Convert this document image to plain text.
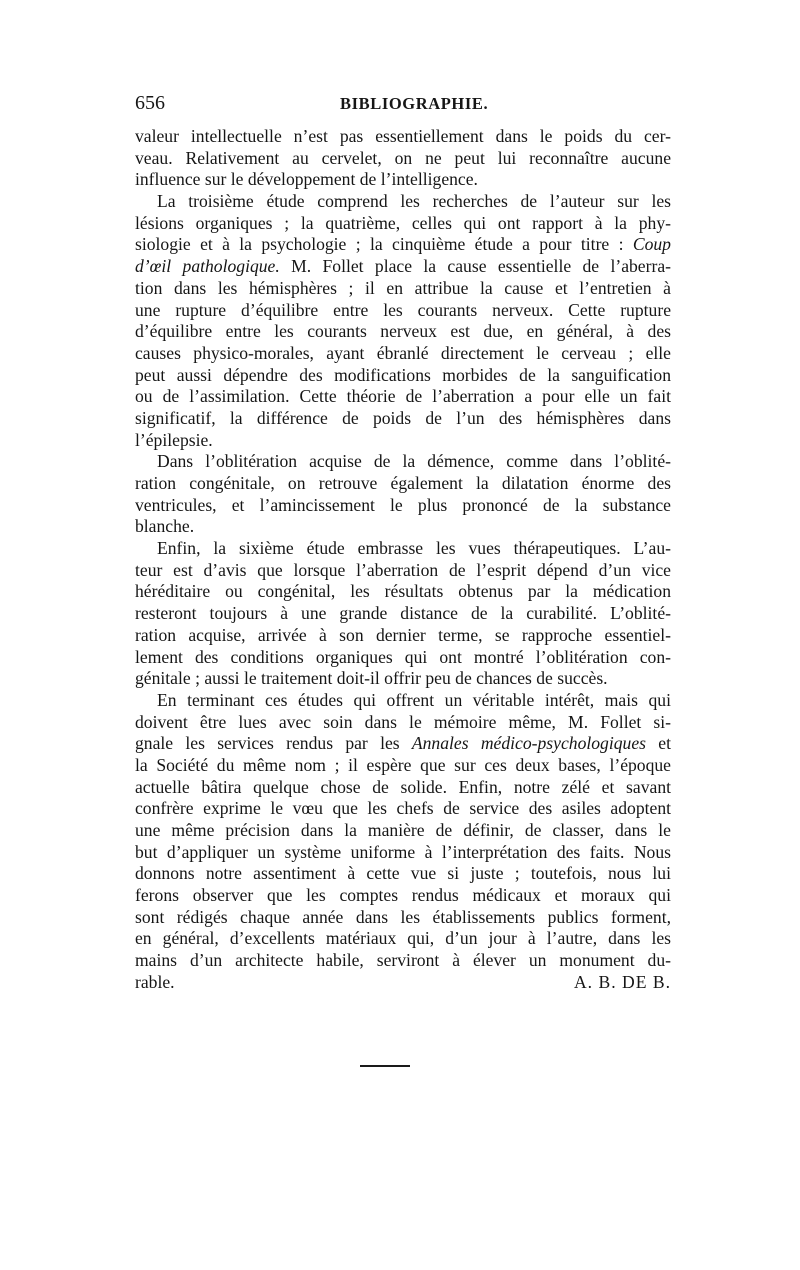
656	BIBLIOGRAPHIE.
valeur intellectuelle n’est pas essentiellement dans le poids du cer-
veau. Relativement au cervelet, on ne peut lui reconnaître aucune
influence sur le développement de l’intelligence.
La troisième étude comprend les recherches de l’auteur sur les
lésions organiques ; la quatrième, celles qui ont rapport à la phy-
siologie et à la psychologie ; la cinquième étude a pour titre : Coup
d’œil pathologique. M. Follet place la cause essentielle de l’aberra-
tion dans les hémisphères ; il en attribue la cause et l’entretien à
une rupture d’équilibre entre les courants nerveux. Cette rupture
d’équilibre entre les courants nerveux est due, en général, à des
causes physico-morales, ayant ébranlé directement le cerveau ; elle
peut aussi dépendre des modifications morbides de la sanguification
ou de l’assimilation. Cette théorie de l’aberration a pour elle un fait
significatif, la différence de poids de l’un des hémisphères dans
l’épilepsie.
Dans l’oblitération acquise de la démence, comme dans l’oblité-
ration congénitale, on retrouve également la dilatation énorme des
ventricules, et l’amincissement le plus prononcé de la substance
blanche.
Enfin, la sixième étude embrasse les vues thérapeutiques. L’au-
teur est d’avis que lorsque l’aberration de l’esprit dépend d’un vice
héréditaire ou congénital, les résultats obtenus par la médication
resteront toujours à une grande distance de la curabilité. L’oblité-
ration acquise, arrivée à son dernier terme, se rapproche essentiel-
lement des conditions organiques qui ont montré l’oblitération con-
génitale ; aussi le traitement doit-il offrir peu de chances de succès.
En terminant ces études qui offrent un véritable intérêt, mais qui
doivent être lues avec soin dans le mémoire même, M. Follet si-
gnale les services rendus par les Annales médico-psychologiques et
la Société du même nom ; il espère que sur ces deux bases, l’époque
actuelle bâtira quelque chose de solide. Enfin, notre zélé et savant
confrère exprime le vœu que les chefs de service des asiles adoptent
une même précision dans la manière de définir, de classer, dans le
but d’appliquer un système uniforme à l’interprétation des faits. Nous
donnons notre assentiment à cette vue si juste ; toutefois, nous lui
ferons observer que les comptes rendus médicaux et moraux qui
sont rédigés chaque année dans les établissements publics forment,
en général, d’excellents matériaux qui, d’un jour à l’autre, dans les
mains d’un architecte habile, serviront à élever un monument du-
rable.	A. B. DE B.
